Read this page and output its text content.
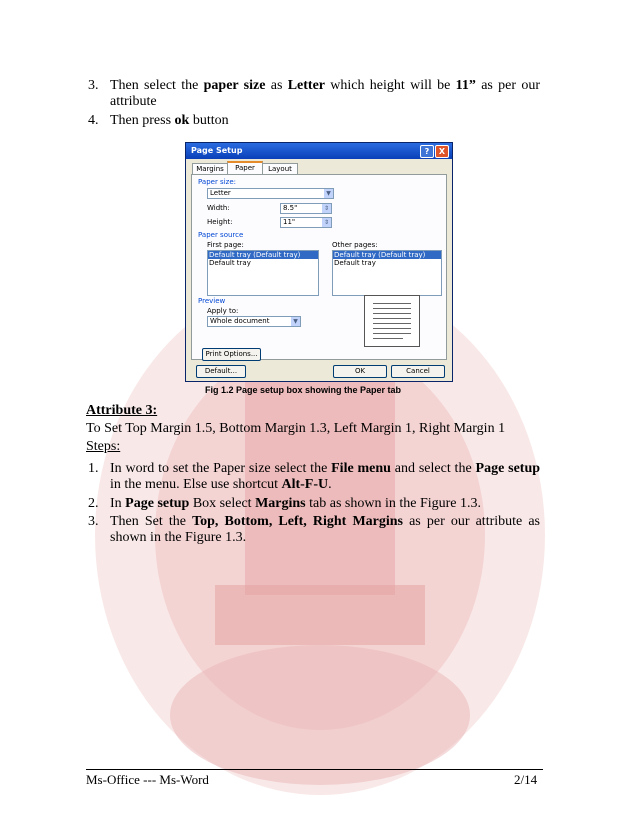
3. Then select the paper size as Letter which height will be 11” as per our attribute
4. Then press ok button
Page Setup	?	X
Margins	Paper	Layout
Paper size:
Letter	▼
Width:	8.5"	⇕
Height:	11"	⇕
Paper source
First page:
Default tray (Default tray)
Default tray
Other pages:
Default tray (Default tray)
Default tray
Preview
Apply to:
Whole document	▼
Print Options...
Default...	OK	Cancel
Fig 1.2 Page setup box showing the Paper tab
Attribute 3:
To Set Top Margin 1.5, Bottom Margin 1.3, Left Margin 1, Right Margin 1
Steps:
1. In word to set the Paper size select the File menu and select the Page setup in the menu. Else use shortcut Alt-F-U.
2. In Page setup Box select Margins tab as shown in the Figure 1.3.
3. Then Set the Top, Bottom, Left, Right Margins as per our attribute as shown in the Figure 1.3.
Ms-Office --- Ms-Word	2/14
